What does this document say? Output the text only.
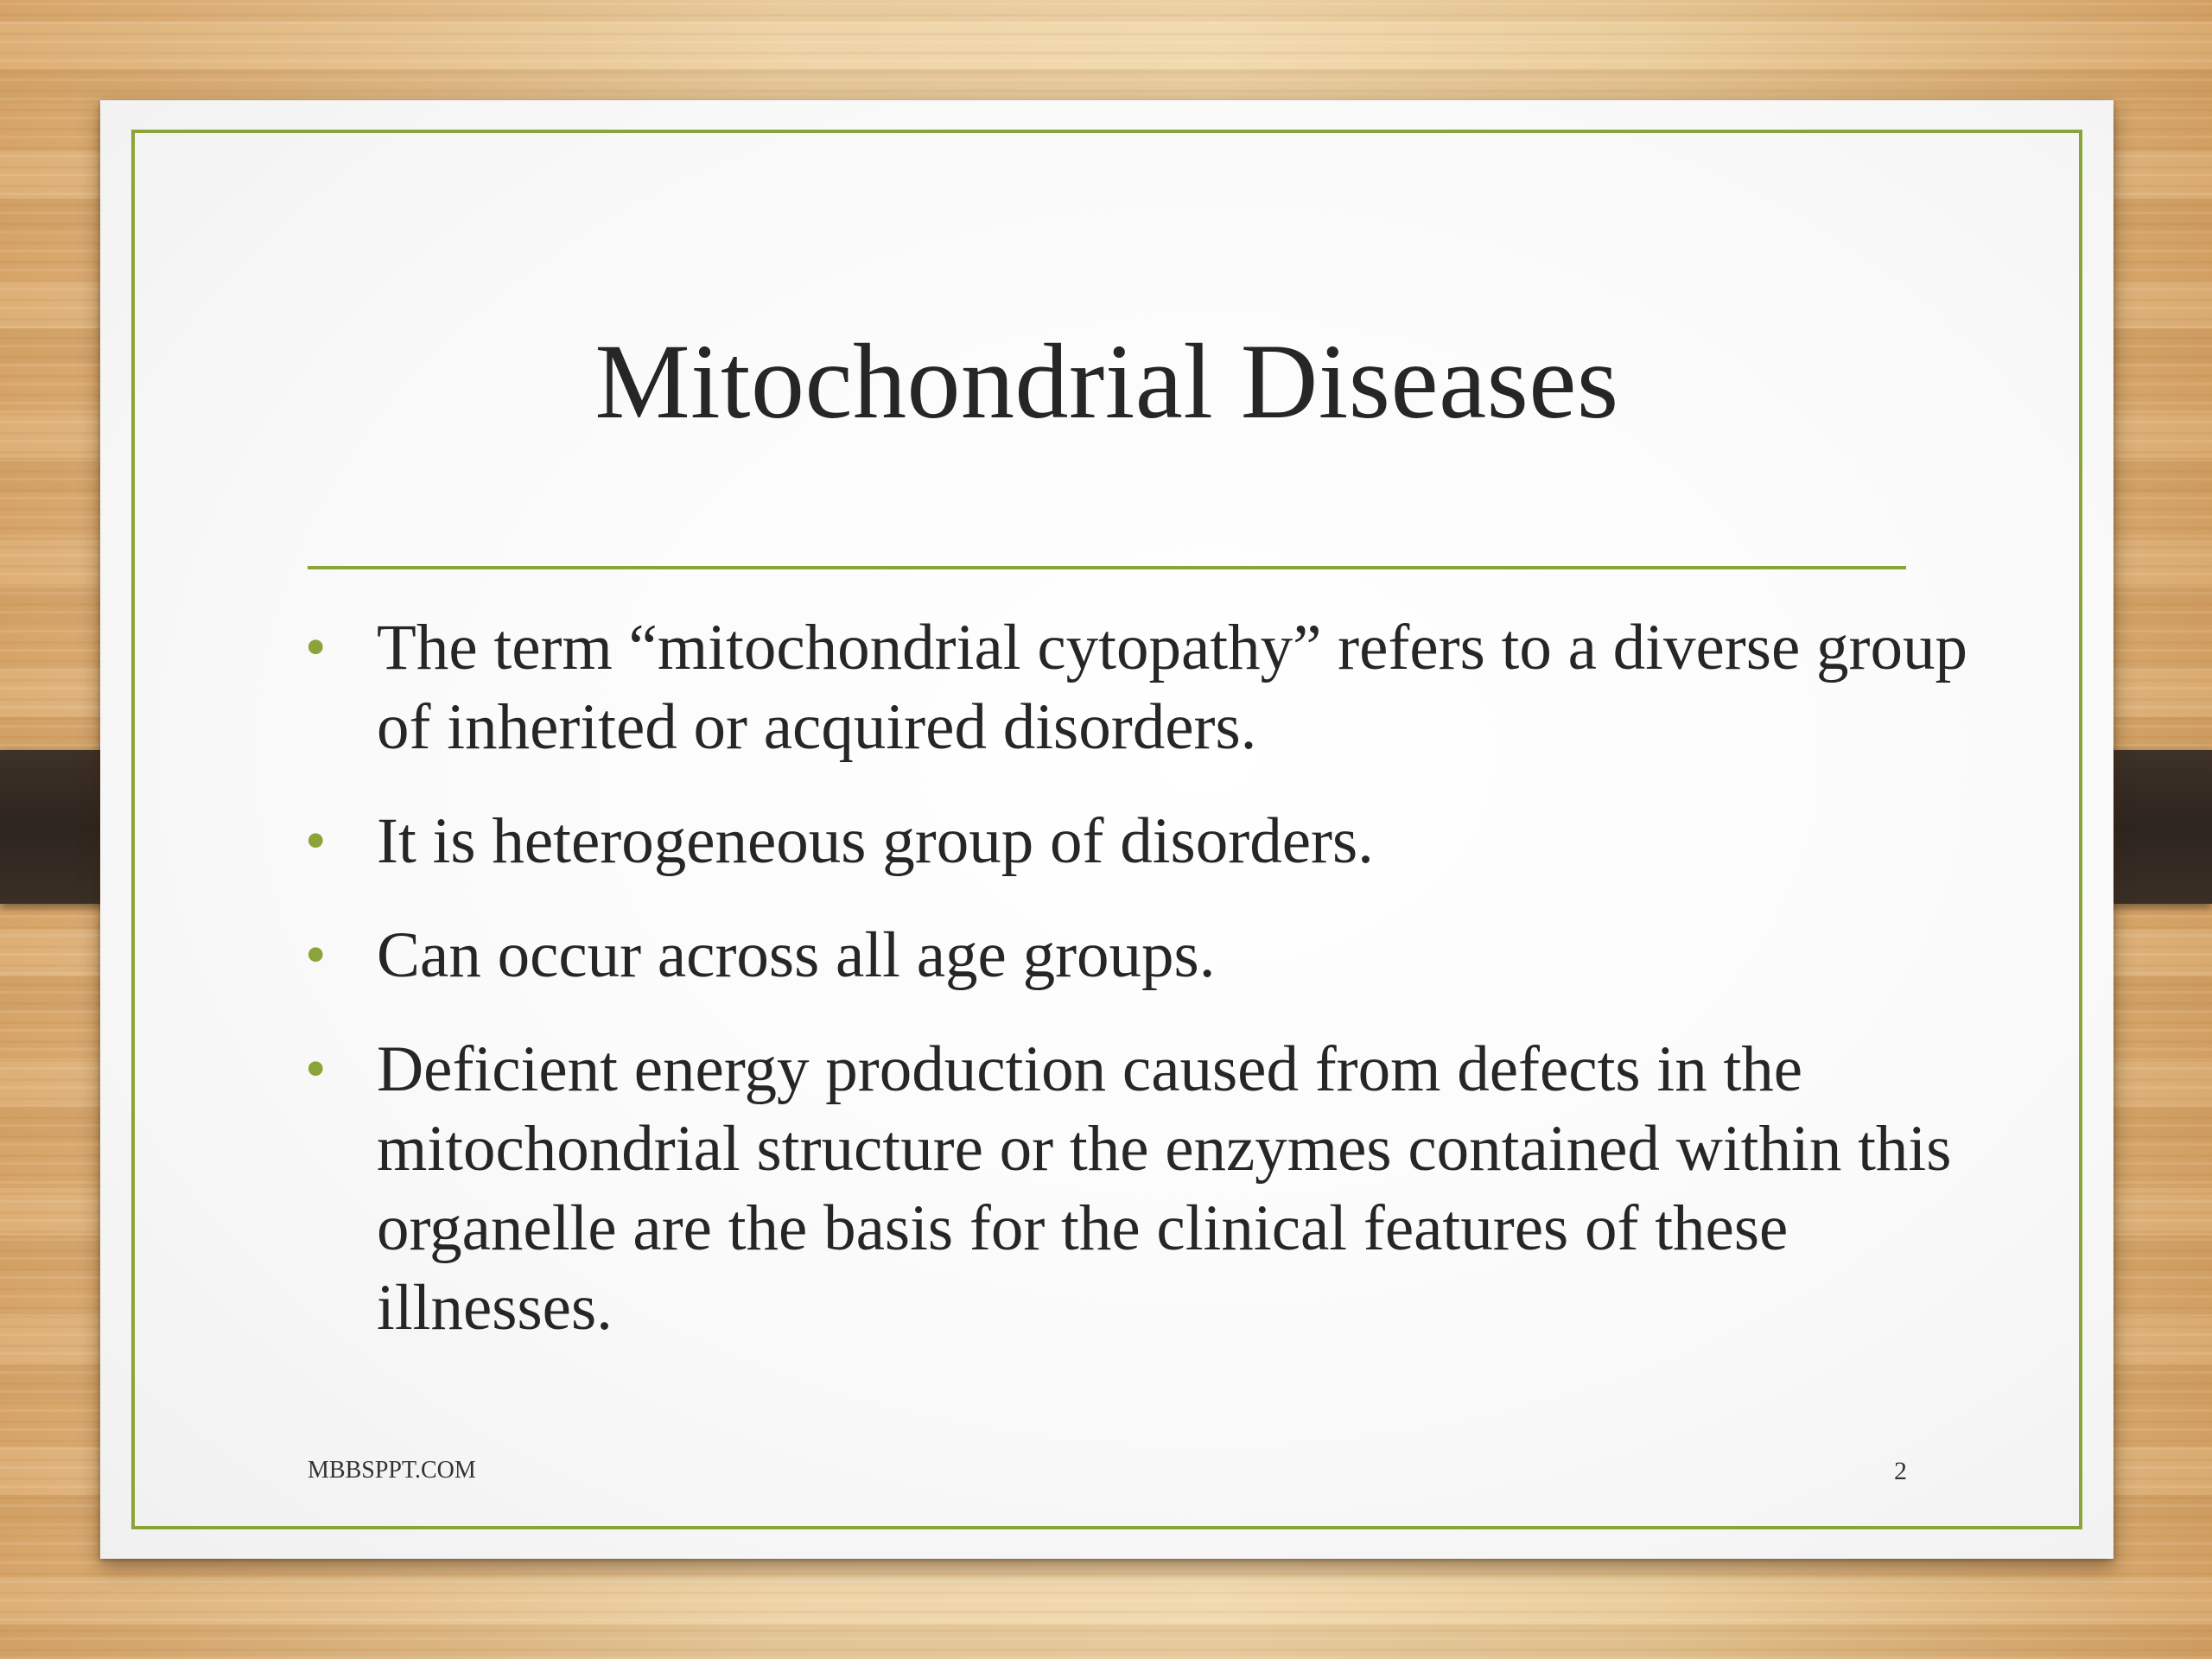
Mitochondrial Diseases
• The term “mitochondrial cytopathy” refers to a diverse group of inherited or acquired disorders.
• It is heterogeneous group of disorders.
• Can occur across all age groups.
• Deficient energy production caused from defects in the mitochondrial structure or the enzymes contained within this organelle are the basis for the clinical features of these illnesses.
MBBSPPT.COM	2
